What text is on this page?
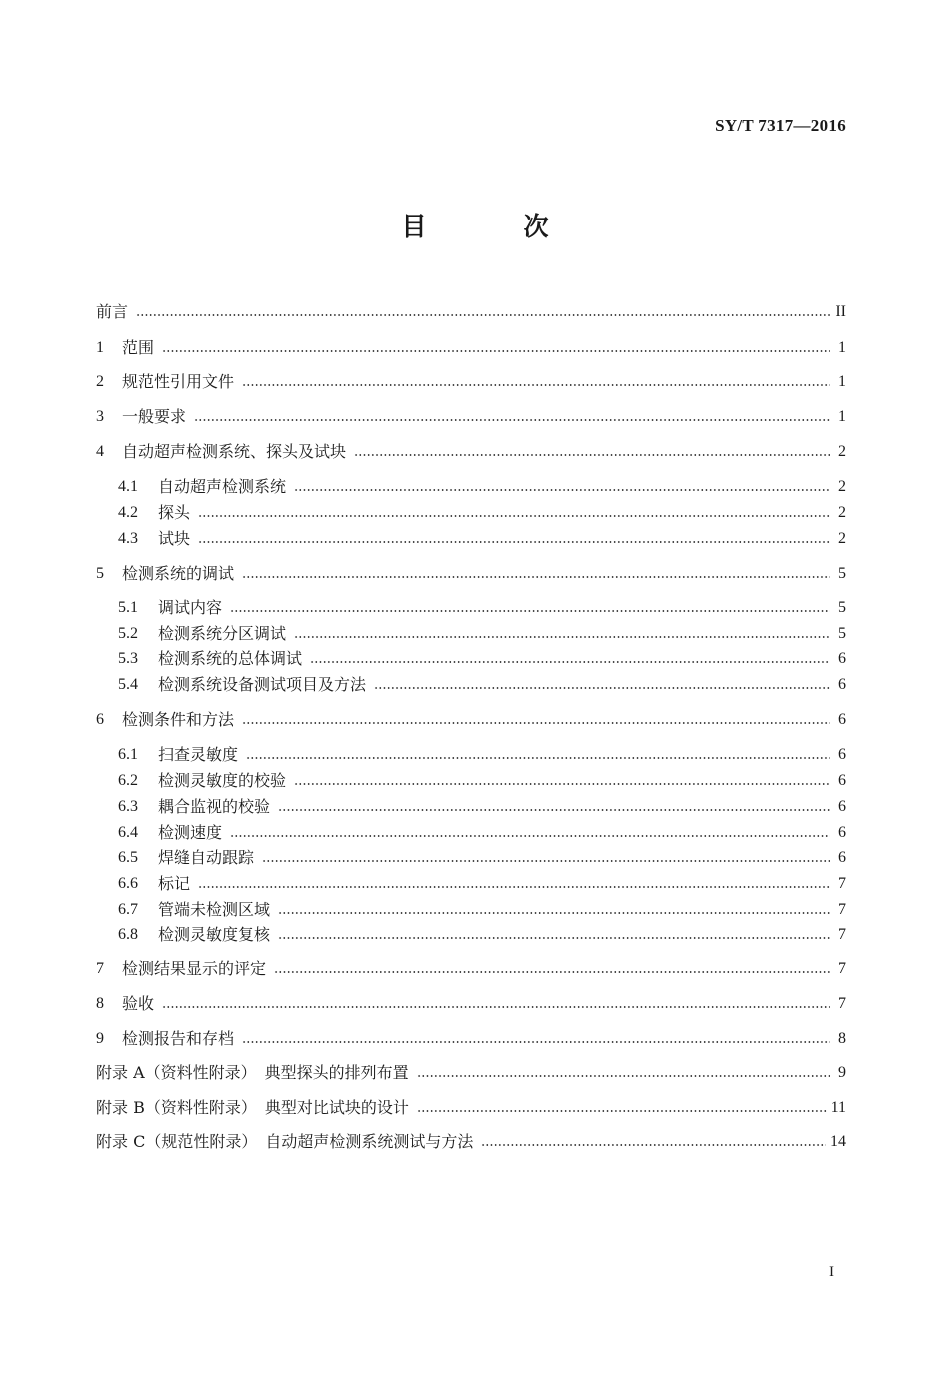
SY/T 7317—2016
目　次
前言	II
1	范围	1
2	规范性引用文件	1
3	一般要求	1
4	自动超声检测系统、探头及试块	2
4.1	自动超声检测系统	2
4.2	探头	2
4.3	试块	2
5	检测系统的调试	5
5.1	调试内容	5
5.2	检测系统分区调试	5
5.3	检测系统的总体调试	6
5.4	检测系统设备测试项目及方法	6
6	检测条件和方法	6
6.1	扫查灵敏度	6
6.2	检测灵敏度的校验	6
6.3	耦合监视的校验	6
6.4	检测速度	6
6.5	焊缝自动跟踪	6
6.6	标记	7
6.7	管端未检测区域	7
6.8	检测灵敏度复核	7
7	检测结果显示的评定	7
8	验收	7
9	检测报告和存档	8
附录 A（资料性附录）　典型探头的排列布置	9
附录 B（资料性附录）　典型对比试块的设计	11
附录 C（规范性附录）　自动超声检测系统测试与方法	14
I
